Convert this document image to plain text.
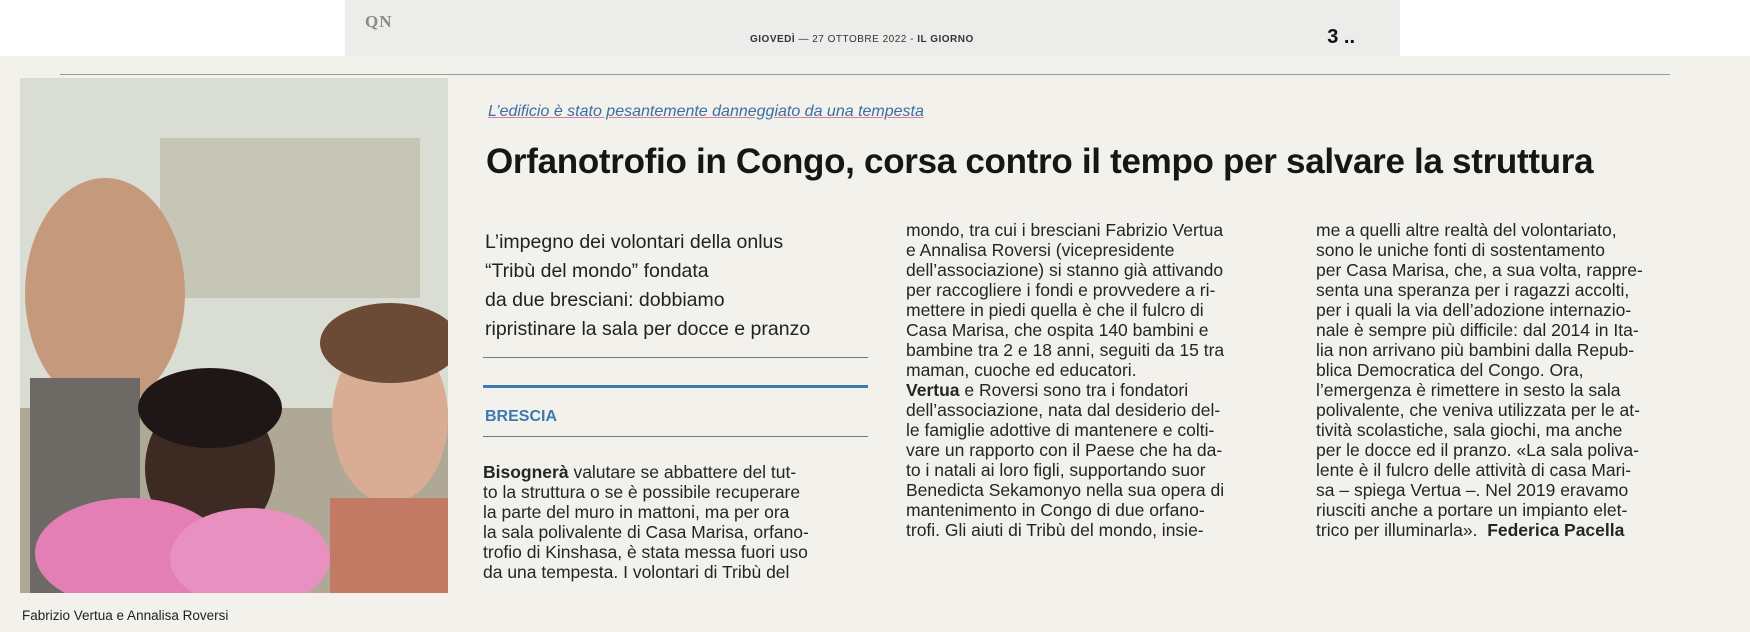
QN
GIOVEDÌ — 27 OTTOBRE 2022 - IL GIORNO	3 ..
Fabrizio Vertua e Annalisa Roversi
L’edificio è stato pesantemente danneggiato da una tempesta
Orfanotrofio in Congo, corsa contro il tempo per salvare la struttura
L’impegno dei volontari della onlus
“Tribù del mondo” fondata
da due bresciani: dobbiamo
ripristinare la sala per docce e pranzo
BRESCIA
Bisognerà valutare se abbattere del tut-
to la struttura o se è possibile recuperare
la parte del muro in mattoni, ma per ora
la sala polivalente di Casa Marisa, orfano-
trofio di Kinshasa, è stata messa fuori uso
da una tempesta. I volontari di Tribù del
mondo, tra cui i bresciani Fabrizio Vertua
e Annalisa Roversi (vicepresidente
dell’associazione) si stanno già attivando
per raccogliere i fondi e provvedere a ri-
mettere in piedi quella è che il fulcro di
Casa Marisa, che ospita 140 bambini e
bambine tra 2 e 18 anni, seguiti da 15 tra
maman, cuoche ed educatori.
Vertua e Roversi sono tra i fondatori
dell’associazione, nata dal desiderio del-
le famiglie adottive di mantenere e colti-
vare un rapporto con il Paese che ha da-
to i natali ai loro figli, supportando suor
Benedicta Sekamonyo nella sua opera di
mantenimento in Congo di due orfano-
trofi. Gli aiuti di Tribù del mondo, insie-
me a quelli altre realtà del volontariato,
sono le uniche fonti di sostentamento
per Casa Marisa, che, a sua volta, rappre-
senta una speranza per i ragazzi accolti,
per i quali la via dell’adozione internazio-
nale è sempre più difficile: dal 2014 in Ita-
lia non arrivano più bambini dalla Repub-
blica Democratica del Congo. Ora,
l’emergenza è rimettere in sesto la sala
polivalente, che veniva utilizzata per le at-
tività scolastiche, sala giochi, ma anche
per le docce ed il pranzo. «La sala poliva-
lente è il fulcro delle attività di casa Mari-
sa – spiega Vertua –. Nel 2019 eravamo
riusciti anche a portare un impianto elet-
trico per illuminarla». Federica Pacella
